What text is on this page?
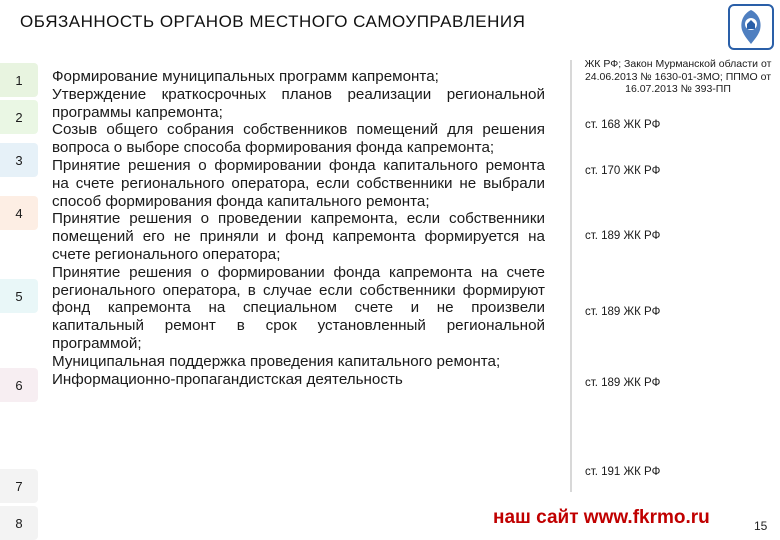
ОБЯЗАННОСТЬ ОРГАНОВ МЕСТНОГО САМОУПРАВЛЕНИЯ
1
2
3
4
5
6
7
8

Формирование муниципальных программ капремонта;

Утверждение краткосрочных планов реализации региональной программы капремонта;

Созыв общего собрания собственников помещений для решения вопроса о выборе способа формирования фонда капремонта;

Принятие решения о формировании фонда капитального ремонта на счете регионального оператора, если собственники не выбрали способ формирования фонда капитального ремонта;

Принятие решения о проведении капремонта, если собственники помещений его не приняли и фонд капремонта формируется на счете регионального оператора;

Принятие решения о формировании фонда капремонта на счете регионального оператора, в случае если собственники формируют фонд капремонта на специальном счете и не произвели капитальный ремонт в срок установленный региональной программой;

Муниципальная поддержка проведения капитального ремонта;

Информационно-пропагандистская деятельность

ЖК РФ; Закон Мурманской области от 24.06.2013 № 1630-01-ЗМО; ППМО от 16.07.2013 № 393-ПП
ст. 168 ЖК РФ
ст. 170 ЖК РФ
ст. 189 ЖК РФ
ст. 189 ЖК РФ
ст. 189 ЖК РФ
ст. 191 ЖК РФ
наш сайт www.fkrmo.ru	15
